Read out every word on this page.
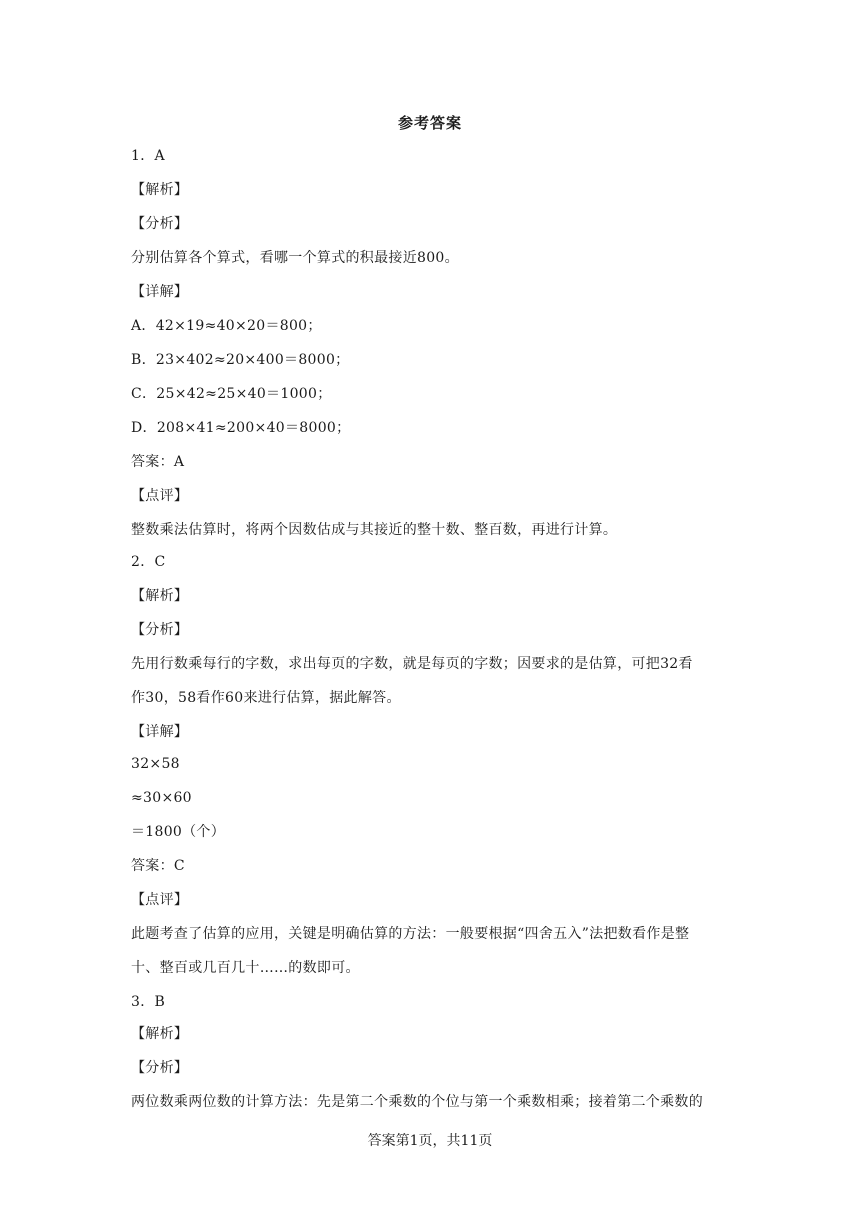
参考答案
1．A
【解析】
【分析】
分别估算各个算式，看哪一个算式的积最接近800。
【详解】
A．42×19≈40×20＝800；
B．23×402≈20×400＝8000；
C．25×42≈25×40＝1000；
D．208×41≈200×40＝8000；
答案：A
【点评】
整数乘法估算时，将两个因数估成与其接近的整十数、整百数，再进行计算。
2．C
【解析】
【分析】
先用行数乘每行的字数，求出每页的字数，就是每页的字数；因要求的是估算，可把32看
作30，58看作60来进行估算，据此解答。
【详解】
32×58
≈30×60
＝1800（个）
答案：C
【点评】
此题考查了估算的应用，关键是明确估算的方法：一般要根据“四舍五入”法把数看作是整
十、整百或几百几十……的数即可。
3．B
【解析】
【分析】
两位数乘两位数的计算方法：先是第二个乘数的个位与第一个乘数相乘；接着第二个乘数的
答案第1页，共11页
